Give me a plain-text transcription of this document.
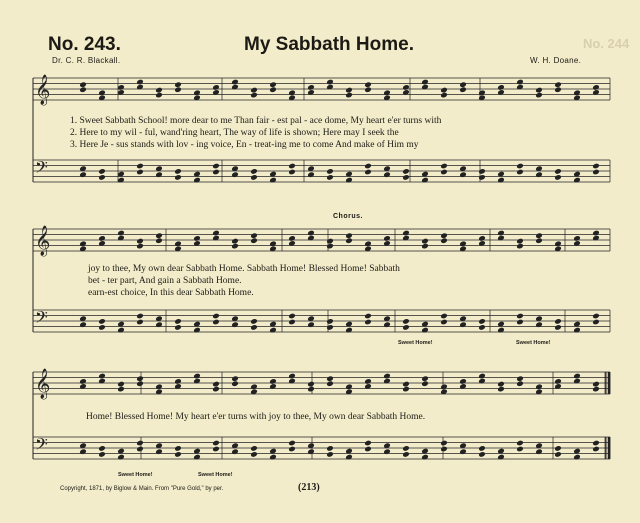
No. 244
No. 243.	My Sabbath Home.
Dr. C. R. Blackall.	W. H. Doane.
𝄞
𝄢
𝄞
𝄢
𝄞
𝄢
1. Sweet Sabbath School! more dear to me Than fair - est pal - ace dome, My heart e'er turns with
2. Here to my wil - ful, wand'ring heart, The way of life is shown; Here may I seek the
3. Here Je - sus stands with lov - ing voice, En - treat-ing me to come And make of Him my
Chorus.
joy to thee, My own dear Sabbath Home. Sabbath Home! Blessed Home! Sabbath
bet - ter part, And gain a Sabbath Home.
earn-est choice, In this dear Sabbath Home.
Sweet Home!	Sweet Home!
Home! Blessed Home! My heart e'er turns with joy to thee, My own dear Sabbath Home.
Sweet Home!	Sweet Home!
Copyright, 1871, by Biglow & Main. From "Pure Gold," by per.	(213)
